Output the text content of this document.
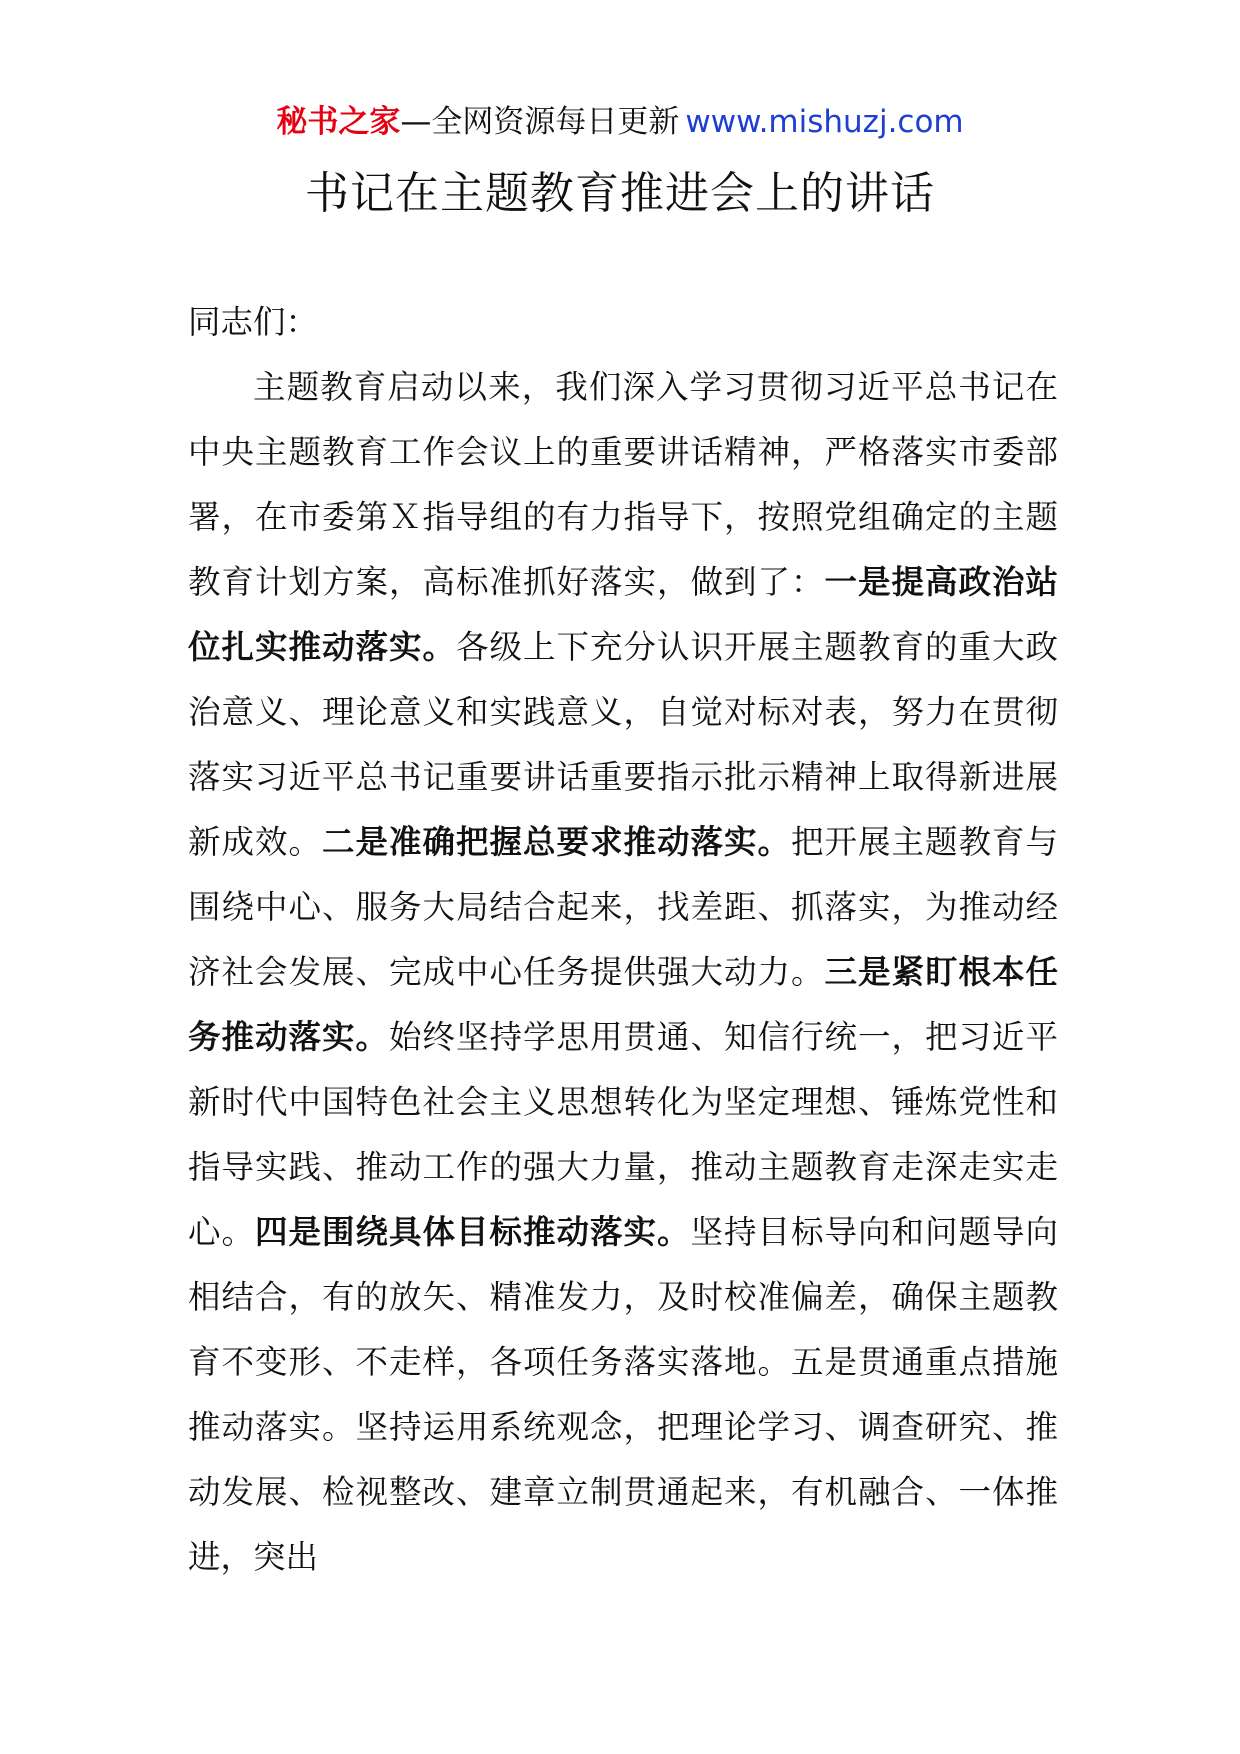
秘书之家—全网资源每日更新 www.mishuzj.com
书记在主题教育推进会上的讲话

同志们：

主题教育启动以来，我们深入学习贯彻习近平总书记在中央主题教育工作会议上的重要讲话精神，严格落实市委部署，在市委第Ｘ指导组的有力指导下，按照党组确定的主题教育计划方案，高标准抓好落实，做到了：一是提高政治站位扎实推动落实。各级上下充分认识开展主题教育的重大政治意义、理论意义和实践意义，自觉对标对表，努力在贯彻落实习近平总书记重要讲话重要指示批示精神上取得新进展新成效。二是准确把握总要求推动落实。把开展主题教育与围绕中心、服务大局结合起来，找差距、抓落实，为推动经济社会发展、完成中心任务提供强大动力。三是紧盯根本任务推动落实。始终坚持学思用贯通、知信行统一，把习近平新时代中国特色社会主义思想转化为坚定理想、锤炼党性和指导实践、推动工作的强大力量，推动主题教育走深走实走心。四是围绕具体目标推动落实。坚持目标导向和问题导向相结合，有的放矢、精准发力，及时校准偏差，确保主题教育不变形、不走样，各项任务落实落地。五是贯通重点措施推动落实。坚持运用系统观念，把理论学习、调查研究、推动发展、检视整改、建章立制贯通起来，有机融合、一体推进，突出
